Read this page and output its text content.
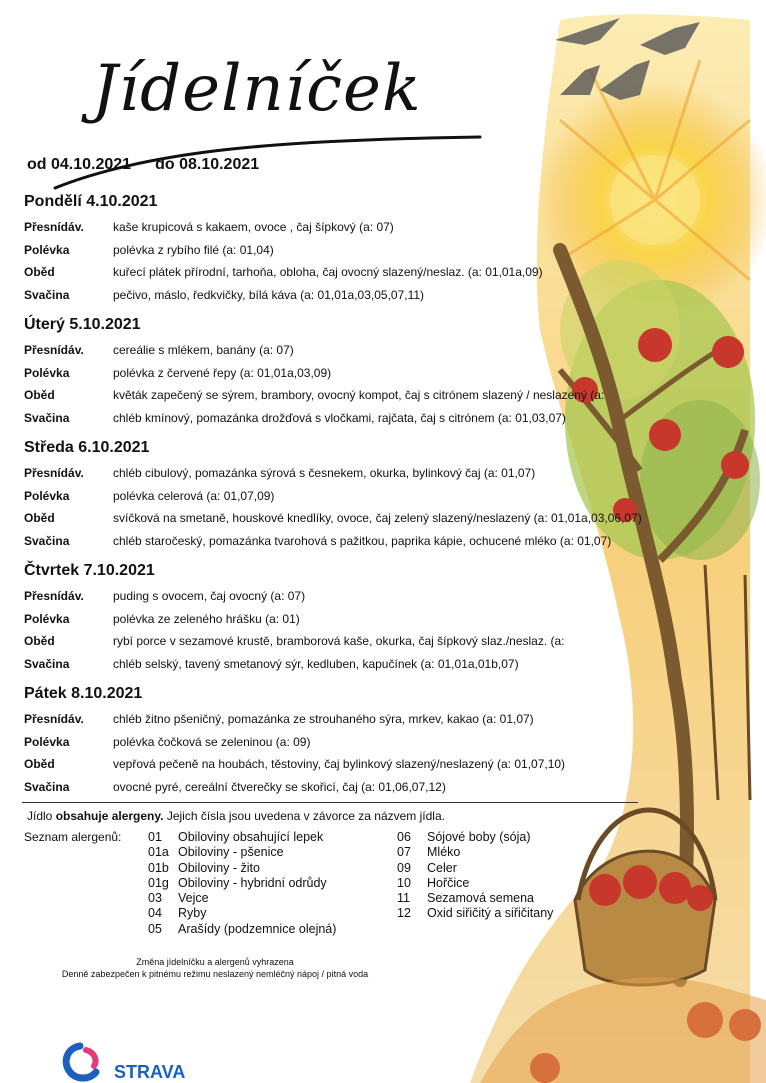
Jídelníček
od 04.10.2021 do 08.10.2021
Pondělí 4.10.2021
Přesnídáv.	kaše krupicová s kakaem, ovoce , čaj šípkový (a: 07)
Polévka	polévka z rybího filé (a: 01,04)
Oběd	kuřecí plátek přírodní, tarhoňa, obloha, čaj ovocný slazený/neslaz. (a: 01,01a,09)
Svačina	pečivo, máslo, ředkvičky, bílá káva (a: 01,01a,03,05,07,11)
Úterý 5.10.2021
Přesnídáv.	cereálie s mlékem, banány (a: 07)
Polévka	polévka z červené řepy (a: 01,01a,03,09)
Oběd	květák zapečený se sýrem, brambory, ovocný kompot, čaj s citrónem slazený / neslazený (a:
Svačina	chléb kmínový, pomazánka drožďová s vločkami, rajčata, čaj s citrónem (a: 01,03,07)
Středa 6.10.2021
Přesnídáv.	chléb cibulový, pomazánka sýrová s česnekem, okurka, bylinkový čaj (a: 01,07)
Polévka	polévka celerová (a: 01,07,09)
Oběd	svíčková na smetaně, houskové knedlíky, ovoce, čaj zelený slazený/neslazený (a: 01,01a,03,06,07)
Svačina	chléb staročeský, pomazánka tvarohová s pažitkou, paprika kápie, ochucené mléko (a: 01,07)
Čtvrtek 7.10.2021
Přesnídáv.	puding s ovocem, čaj ovocný (a: 07)
Polévka	polévka ze zeleného hrášku (a: 01)
Oběd	rybí porce v sezamové krustě, bramborová kaše, okurka, čaj šípkový slaz./neslaz. (a:
Svačina	chléb selský, tavený smetanový sýr, kedluben, kapučínek (a: 01,01a,01b,07)
Pátek 8.10.2021
Přesnídáv.	chléb žitno pšeničný, pomazánka ze strouhaného sýra, mrkev, kakao (a: 01,07)
Polévka	polévka čočková se zeleninou (a: 09)
Oběd	vepřová pečeně na houbách, těstoviny, čaj bylinkový slazený/neslazený (a: 01,07,10)
Svačina	ovocné pyré, cereální čtverečky se skořicí, čaj (a: 01,06,07,12)
Jídlo obsahuje alergeny. Jejich čísla jsou uvedena v závorce za názvem jídla.
Seznam alergenů: 01	Obiloviny obsahující lepek
01a Obiloviny - pšenice
01b Obiloviny - žito
01g Obiloviny - hybridní odrůdy
03	Vejce
04	Ryby
05	Arašídy (podzemnice olejná)
06	Sójové boby (sója)
07	Mléko
09	Celer
10	Hořčice
11	Sezamová semena
12	Oxid siřičitý a siřičitany
Změna jídelníčku a alergenů vyhrazena
Denně zabezpečen k pitnému režimu neslazený nemléčný nápoj / pitná voda
STRAVA
